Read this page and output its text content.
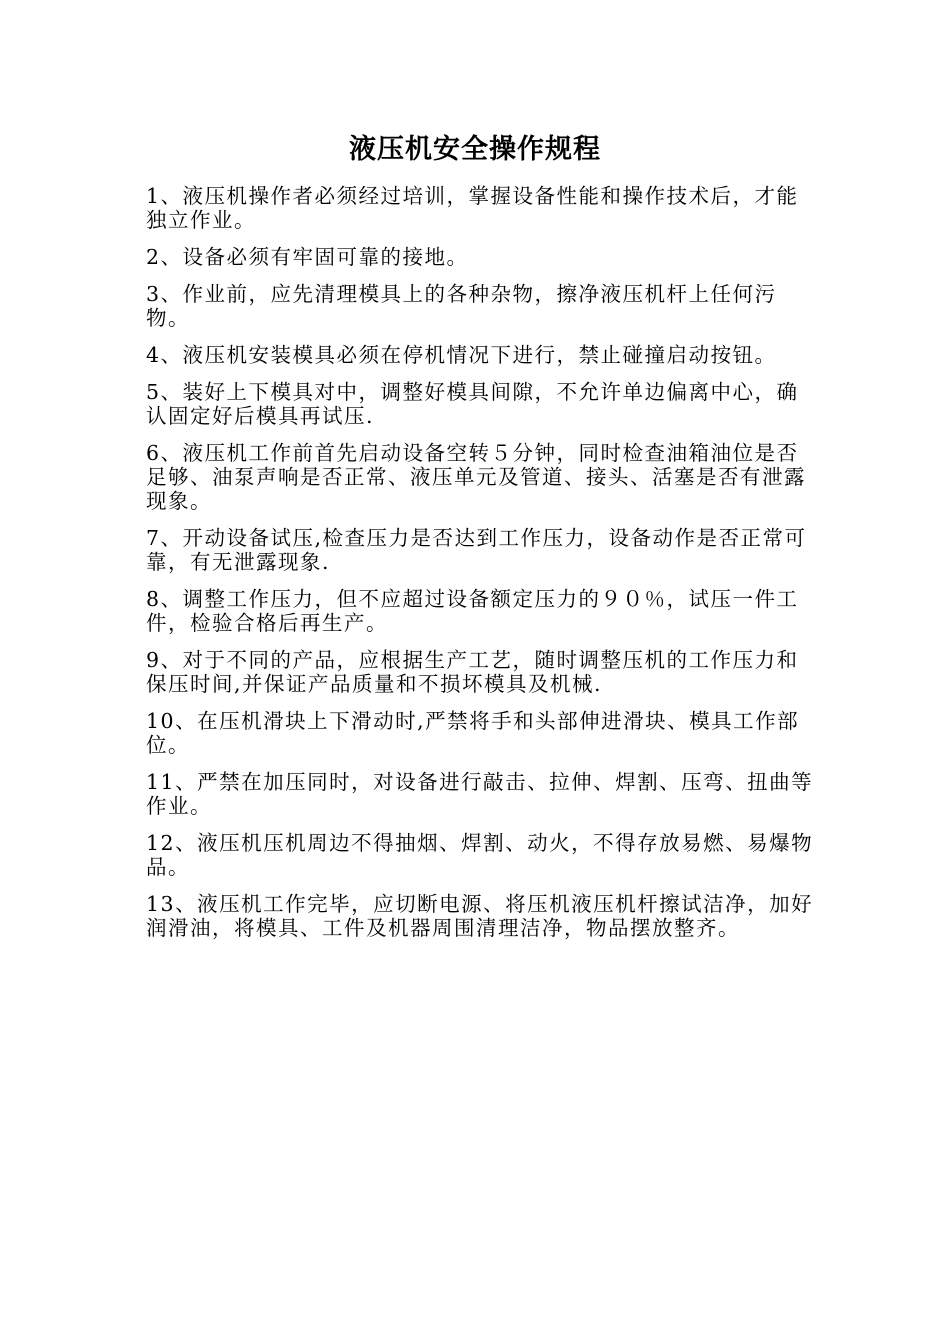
液压机安全操作规程
1、液压机操作者必须经过培训，掌握设备性能和操作技术后，才能独立作业。
2、设备必须有牢固可靠的接地。
3、作业前，应先清理模具上的各种杂物，擦净液压机杆上任何污物。
4、液压机安装模具必须在停机情况下进行，禁止碰撞启动按钮。
5、装好上下模具对中，调整好模具间隙，不允许单边偏离中心，确认固定好后模具再试压.
6、液压机工作前首先启动设备空转５分钟，同时检查油箱油位是否足够、油泵声响是否正常、液压单元及管道、接头、活塞是否有泄露现象。
7、开动设备试压,检查压力是否达到工作压力，设备动作是否正常可靠，有无泄露现象.
8、调整工作压力，但不应超过设备额定压力的９０％，试压一件工件，检验合格后再生产。
9、对于不同的产品，应根据生产工艺，随时调整压机的工作压力和保压时间,并保证产品质量和不损坏模具及机械.
10、在压机滑块上下滑动时,严禁将手和头部伸进滑块、模具工作部位。
11、严禁在加压同时，对设备进行敲击、拉伸、焊割、压弯、扭曲等作业。
12、液压机压机周边不得抽烟、焊割、动火，不得存放易燃、易爆物品。
13、液压机工作完毕，应切断电源、将压机液压机杆擦试洁净，加好润滑油，将模具、工件及机器周围清理洁净，物品摆放整齐。
